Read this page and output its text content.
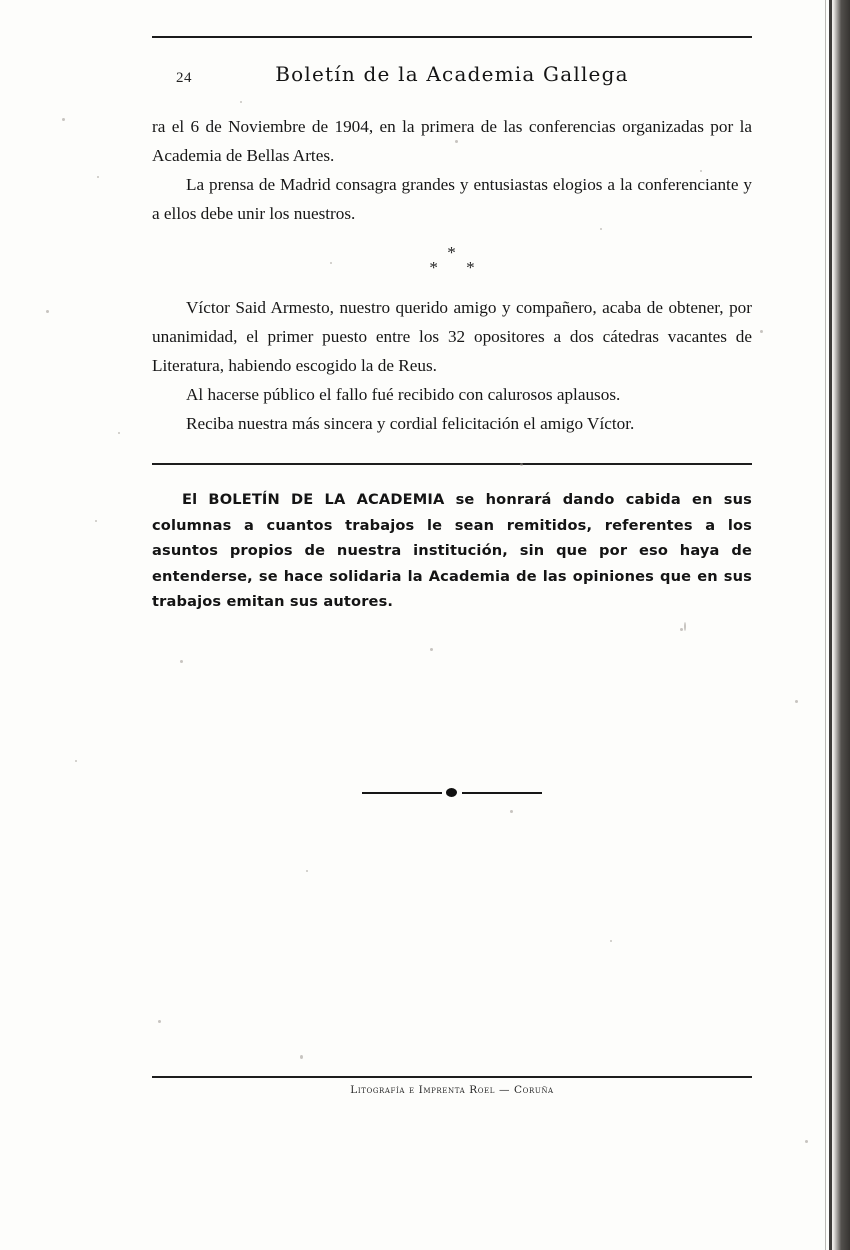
24	Boletín de la Academia Gallega

ra el 6 de Noviembre de 1904, en la primera de las conferencias organizadas por la Academia de Bellas Artes.

La prensa de Madrid consagra grandes y entusiastas elogios a la conferenciante y a ellos debe unir los nuestros.

*
* *

Víctor Said Armesto, nuestro querido amigo y compañero, acaba de obtener, por unanimidad, el primer puesto entre los 32 opositores a dos cátedras vacantes de Literatura, habiendo escogido la de Reus.

Al hacerse público el fallo fué recibido con calurosos aplausos.

Reciba nuestra más sincera y cordial felicitación el amigo Víctor.

El BOLETÍN DE LA ACADEMIA se honrará dando cabida en sus columnas a cuantos trabajos le sean remitidos, referentes a los asuntos propios de nuestra institución, sin que por eso haya de entenderse, se hace solidaria la Academia de las opiniones que en sus trabajos emitan sus autores.
Litografía e Imprenta Roel — Coruña
